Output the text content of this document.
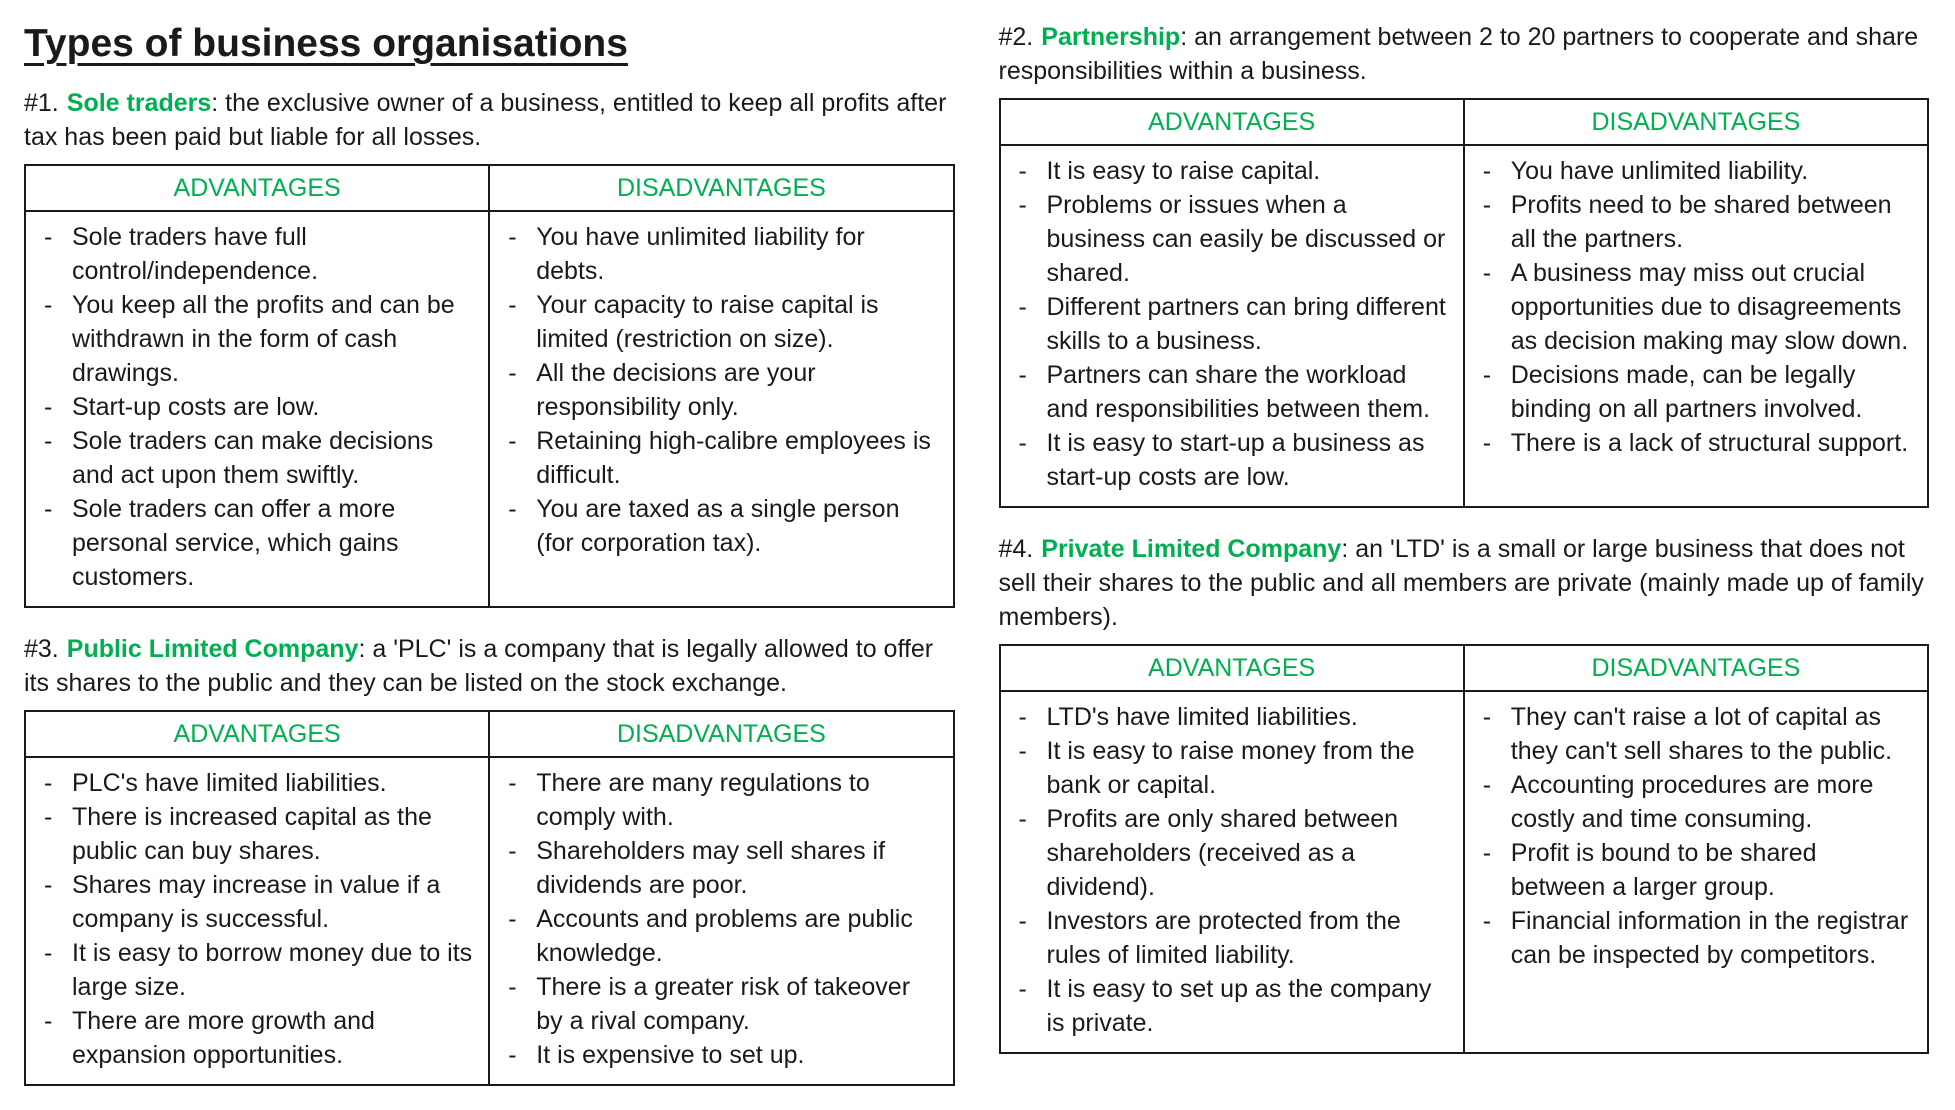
Types of business organisations

#1. Sole traders: the exclusive owner of a business, entitled to keep all profits after tax has been paid but liable for all losses.

ADVANTAGES	DISADVANTAGES

- Sole traders have full control/independence.
- You keep all the profits and can be withdrawn in the form of cash drawings.
- Start-up costs are low.
- Sole traders can make decisions and act upon them swiftly.
- Sole traders can offer a more personal service, which gains customers.

- You have unlimited liability for debts.
- Your capacity to raise capital is limited (restriction on size).
- All the decisions are your responsibility only.
- Retaining high-calibre employees is difficult.
- You are taxed as a single person (for corporation tax).

#3. Public Limited Company: a 'PLC' is a company that is legally allowed to offer its shares to the public and they can be listed on the stock exchange.

ADVANTAGES	DISADVANTAGES

- PLC's have limited liabilities.
- There is increased capital as the public can buy shares.
- Shares may increase in value if a company is successful.
- It is easy to borrow money due to its large size.
- There are more growth and expansion opportunities.

- There are many regulations to comply with.
- Shareholders may sell shares if dividends are poor.
- Accounts and problems are public knowledge.
- There is a greater risk of takeover by a rival company.
- It is expensive to set up.

#2. Partnership: an arrangement between 2 to 20 partners to cooperate and share responsibilities within a business.

ADVANTAGES	DISADVANTAGES

- It is easy to raise capital.
- Problems or issues when a business can easily be discussed or shared.
- Different partners can bring different skills to a business.
- Partners can share the workload and responsibilities between them.
- It is easy to start-up a business as start-up costs are low.

- You have unlimited liability.
- Profits need to be shared between all the partners.
- A business may miss out crucial opportunities due to disagreements as decision making may slow down.
- Decisions made, can be legally binding on all partners involved.
- There is a lack of structural support.

#4. Private Limited Company: an 'LTD' is a small or large business that does not sell their shares to the public and all members are private (mainly made up of family members).

ADVANTAGES	DISADVANTAGES

- LTD's have limited liabilities.
- It is easy to raise money from the bank or capital.
- Profits are only shared between shareholders (received as a dividend).
- Investors are protected from the rules of limited liability.
- It is easy to set up as the company is private.

- They can't raise a lot of capital as they can't sell shares to the public.
- Accounting procedures are more costly and time consuming.
- Profit is bound to be shared between a larger group.
- Financial information in the registrar can be inspected by competitors.
